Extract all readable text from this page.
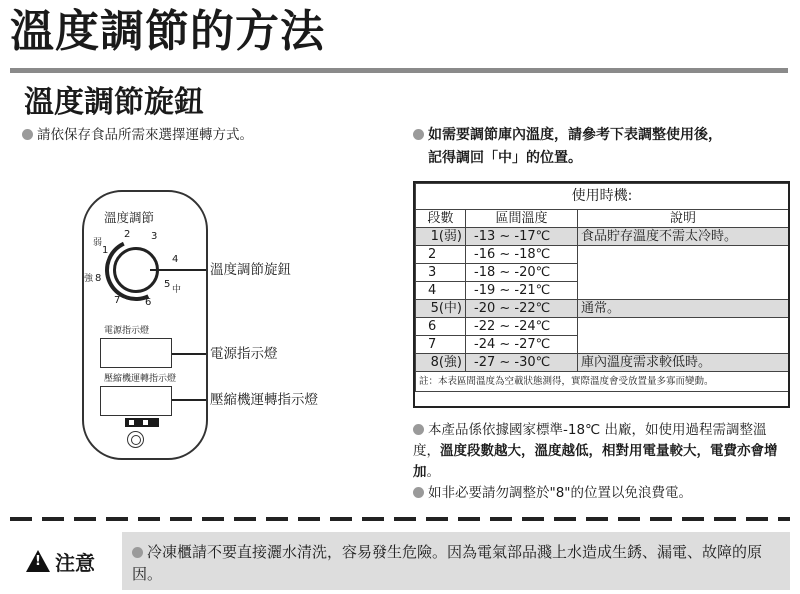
溫度調節的方法
溫度調節旋鈕
請依保存食品所需來選擇運轉方式。	如需要調節庫內溫度，請參考下表調整使用後，
記得調回「中」的位置。
溫度調節
1
弱
2 3
4
5 中
6
7
8
強
電源指示燈
壓縮機運轉指示燈
溫度調節旋鈕
電源指示燈
壓縮機運轉指示燈
使用時機:		
段數	區間溫度	說明
1(弱)	-13 ~ -17℃	食品貯存溫度不需太冷時。
2	-16 ~ -18℃	
3	-18 ~ -20℃	
4	-19 ~ -21℃	
5(中)	-20 ~ -22℃	通常。
6	-22 ~ -24℃	
7	-24 ~ -27℃	
8(強)	-27 ~ -30℃	庫內溫度需求較低時。
註：本表區間溫度為空載狀態測得，實際溫度會受放置量多寡而變動。		
本產品係依據國家標準-18℃ 出廠，如使用過程需調整溫度，溫度段數越大，溫度越低，相對用電量較大，電費亦會增加。
如非必要請勿調整於"8"的位置以免浪費電。
!
注意	冷凍櫃請不要直接灑水清洗，容易發生危險。因為電氣部品濺上水造成生銹、漏電、故障的原因。
